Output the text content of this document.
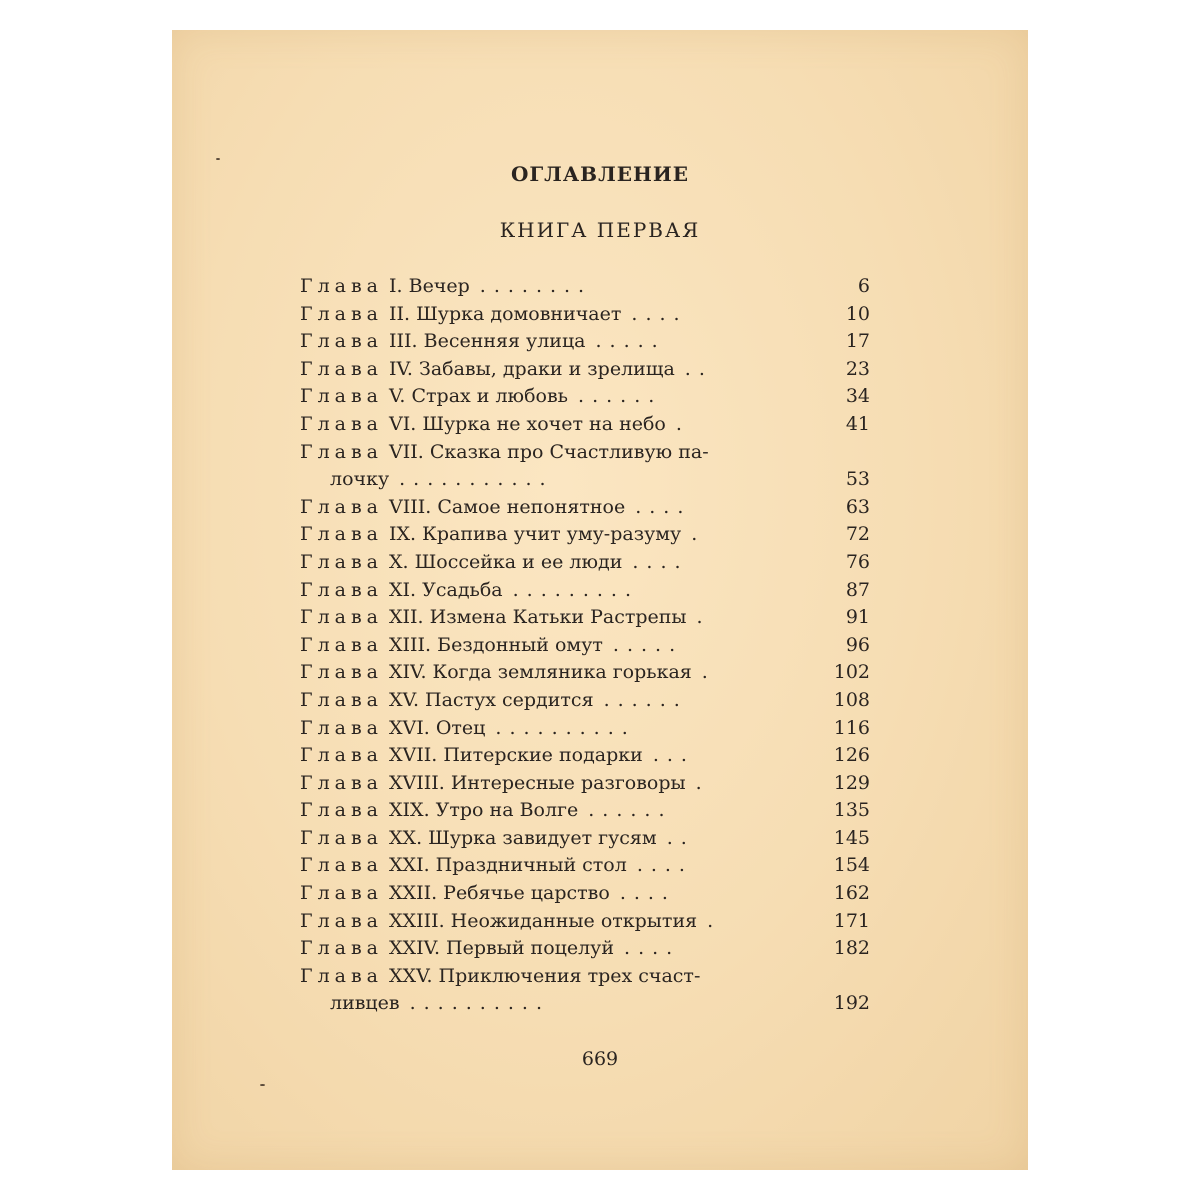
ОГЛАВЛЕНИЕ
КНИГА ПЕРВАЯ
Глава I. Вечер ........	6
Глава II. Шурка домовничает ....	10
Глава III. Весенняя улица .....	17
Глава IV. Забавы, драки и зрелища ..	23
Глава V. Страх и любовь ......	34
Глава VI. Шурка не хочет на небо .	41
Глава VII. Сказка про Счастливую па-
лочку ...........	53
Глава VIII. Самое непонятное ....	63
Глава IX. Крапива учит уму-разуму .	72
Глава X. Шоссейка и ее люди ....	76
Глава XI. Усадьба .........	87
Глава XII. Измена Катьки Растрепы .	91
Глава XIII. Бездонный омут .....	96
Глава XIV. Когда земляника горькая .	102
Глава XV. Пастух сердится ......	108
Глава XVI. Отец ..........	116
Глава XVII. Питерские подарки ...	126
Глава XVIII. Интересные разговоры .	129
Глава XIX. Утро на Волге ......	135
Глава XX. Шурка завидует гусям ..	145
Глава XXI. Праздничный стол ....	154
Глава XXII. Ребячье царство ....	162
Глава XXIII. Неожиданные открытия .	171
Глава XXIV. Первый поцелуй ....	182
Глава XXV. Приключения трех счаст-
ливцев ..........	192
669
